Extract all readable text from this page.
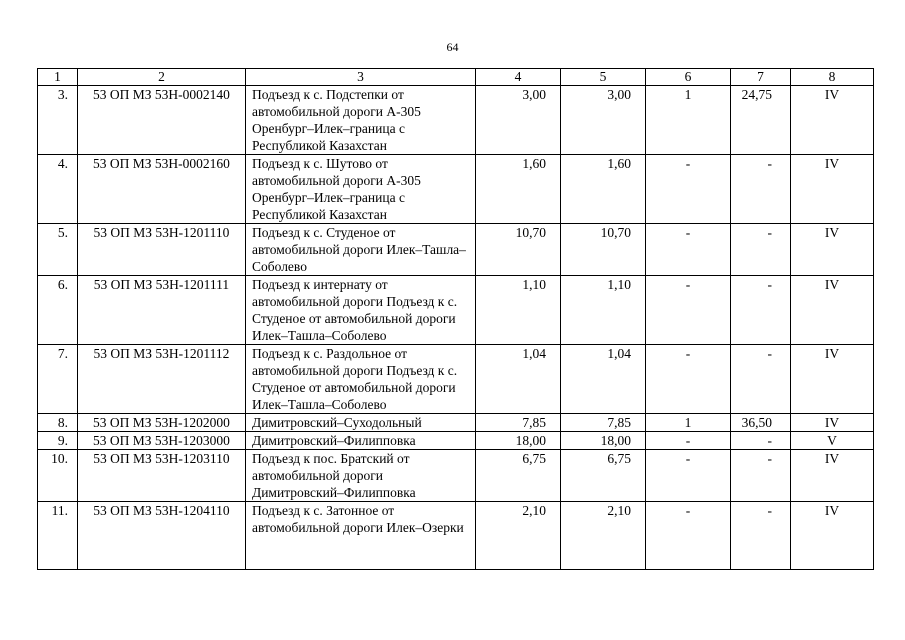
64
1	2	3	4	5	6	7	8
3.	53 ОП МЗ 53Н-0002140	Подъезд к с. Подстепки от автомобильной дороги А-305 Оренбург–Илек–граница с Республикой Казахстан	3,00	3,00	1	24,75	IV
4.	53 ОП МЗ 53Н-0002160	Подъезд к с. Шутово от автомобильной дороги А-305 Оренбург–Илек–граница с Республикой Казахстан	1,60	1,60	-	-	IV
5.	53 ОП МЗ 53Н-1201110	Подъезд к с. Студеное от автомобильной дороги Илек–Ташла–Соболево	10,70	10,70	-	-	IV
6.	53 ОП МЗ 53Н-1201111	Подъезд к интернату от автомобильной дороги Подъезд к с. Студеное от автомобильной дороги Илек–Ташла–Соболево	1,10	1,10	-	-	IV
7.	53 ОП МЗ 53Н-1201112	Подъезд к с. Раздольное от автомобильной дороги Подъезд к с. Студеное от автомобильной дороги Илек–Ташла–Соболево	1,04	1,04	-	-	IV
8.	53 ОП МЗ 53Н-1202000	Димитровский–Суходольный	7,85	7,85	1	36,50	IV
9.	53 ОП МЗ 53Н-1203000	Димитровский–Филипповка	18,00	18,00	-	-	V
10.	53 ОП МЗ 53Н-1203110	Подъезд к пос. Братский от автомобильной дороги Димитровский–Филипповка	6,75	6,75	-	-	IV
11.	53 ОП МЗ 53Н-1204110	Подъезд к с. Затонное от автомобильной дороги Илек–Озерки	2,10	2,10	-	-	IV
